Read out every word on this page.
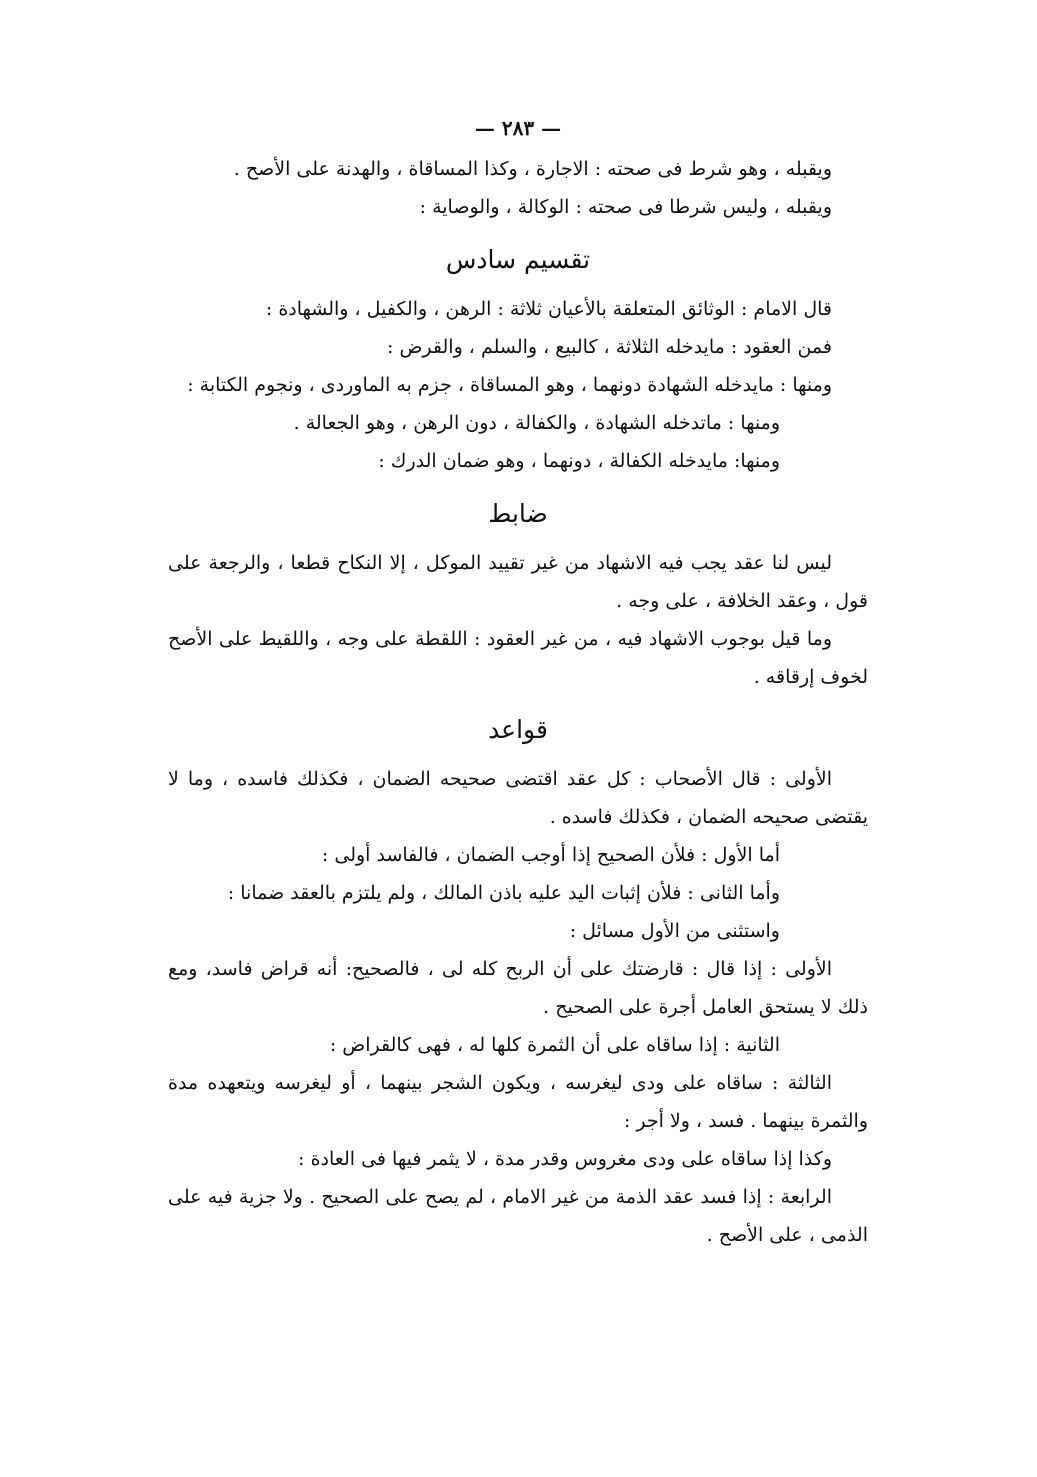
— ٢٨٣ —

ويقبله ، وهو شرط فى صحته : الاجارة ، وكذا المساقاة ، والهدنة على الأصح .

ويقبله ، وليس شرطا فى صحته : الوكالة ، والوصاية :

تقسيم سادس

قال الامام : الوثائق المتعلقة بالأعيان ثلاثة : الرهن ، والكفيل ، والشهادة :

فمن العقود : مايدخله الثلاثة ، كالبيع ، والسلم ، والقرض :

ومنها : مايدخله الشهادة دونهما ، وهو المساقاة ، جزم به الماوردى ، ونجوم الكتابة :

ومنها : ماتدخله الشهادة ، والكفالة ، دون الرهن ، وهو الجعالة .

ومنها: مايدخله الكفالة ، دونهما ، وهو ضمان الدرك :

ضابط

ليس لنا عقد يجب فيه الاشهاد من غير تقييد الموكل ، إلا النكاح قطعا ، والرجعة على قول ، وعقد الخلافة ، على وجه .

وما قيل بوجوب الاشهاد فيه ، من غير العقود : اللقطة على وجه ، واللقيط على الأصح لخوف إرقاقه .

قواعد

الأولى : قال الأصحاب : كل عقد اقتضى صحيحه الضمان ، فكذلك فاسده ، وما لا يقتضى صحيحه الضمان ، فكذلك فاسده .

أما الأول : فلأن الصحيح إذا أوجب الضمان ، فالفاسد أولى :

وأما الثانى : فلأن إثبات اليد عليه باذن المالك ، ولم يلتزم بالعقد ضمانا :

واستثنى من الأول مسائل :

الأولى : إذا قال : قارضتك على أن الربح كله لى ، فالصحيح: أنه قراض فاسد، ومع ذلك لا يستحق العامل أجرة على الصحيح .

الثانية : إذا ساقاه على أن الثمرة كلها له ، فهى كالقراض :

الثالثة : ساقاه على ودى ليغرسه ، ويكون الشجر بينهما ، أو ليغرسه ويتعهده مدة والثمرة بينهما . فسد ، ولا أجر :

وكذا إذا ساقاه على ودى مغروس وقدر مدة ، لا يثمر فيها فى العادة :

الرابعة : إذا فسد عقد الذمة من غير الامام ، لم يصح على الصحيح . ولا جزية فيه على الذمى ، على الأصح .
